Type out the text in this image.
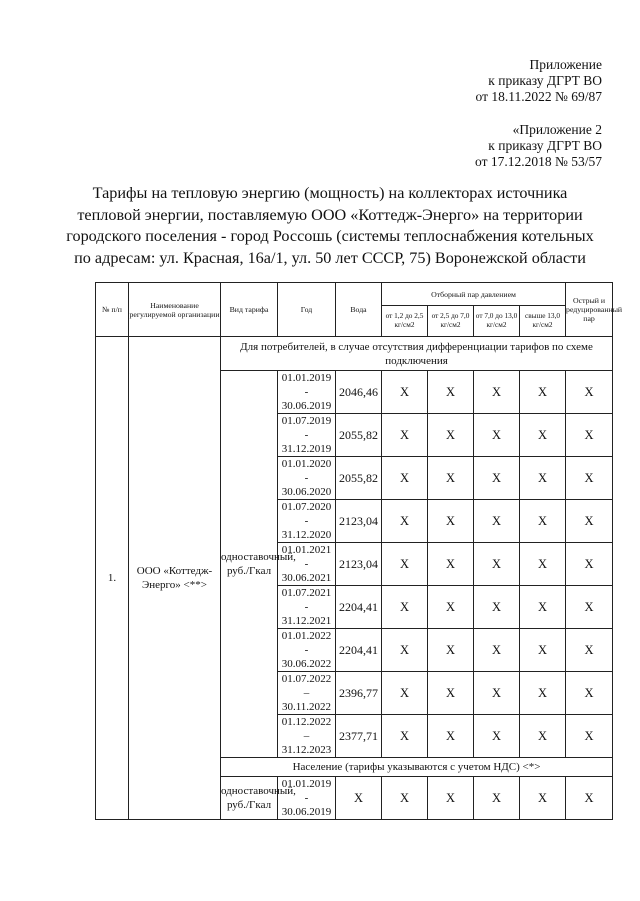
Приложение
к приказу ДГРТ ВО
от 18.11.2022 № 69/87
«Приложение 2
к приказу ДГРТ ВО
от 17.12.2018 № 53/57
Тарифы на тепловую энергию (мощность) на коллекторах источника
тепловой энергии, поставляемую ООО «Коттедж-Энерго» на территории
городского поселения - город Россошь (системы теплоснабжения котельных
по адресам: ул. Красная, 16а/1, ул. 50 лет СССР, 75) Воронежской области
№ п/п	Наименование регулируемой организации	Вид тарифа	Год	Вода	Отборный пар давлением				Острый и редуцированный пар
					от 1,2 до 2,5 кг/см2	от 2,5 до 7,0 кг/см2	от 7,0 до 13,0 кг/см2	свыше 13,0 кг/см2	
1.	ООО «Коттедж-Энерго» <**>	Для потребителей, в случае отсутствия дифференциации тарифов по схеме подключения							
		одноставочный, руб./Гкал	01.01.2019
-
30.06.2019	2046,46	X	X	X	X	X

			01.07.2019
-
31.12.2019	2055,82	X	X	X	X	X

			01.01.2020
-
30.06.2020	2055,82	X	X	X	X	X

			01.07.2020
-
31.12.2020	2123,04	X	X	X	X	X

			01.01.2021
-
30.06.2021	2123,04	X	X	X	X	X

			01.07.2021
-
31.12.2021	2204,41	X	X	X	X	X

			01.01.2022
-
30.06.2022	2204,41	X	X	X	X	X

			01.07.2022
–
30.11.2022	2396,77	X	X	X	X	X

			01.12.2022
–
31.12.2023	2377,71	X	X	X	X	X
		Население (тарифы указываются с учетом НДС) <*>							
		одноставочный, руб./Гкал	01.01.2019
-
30.06.2019	X	X	X	X	X	X
